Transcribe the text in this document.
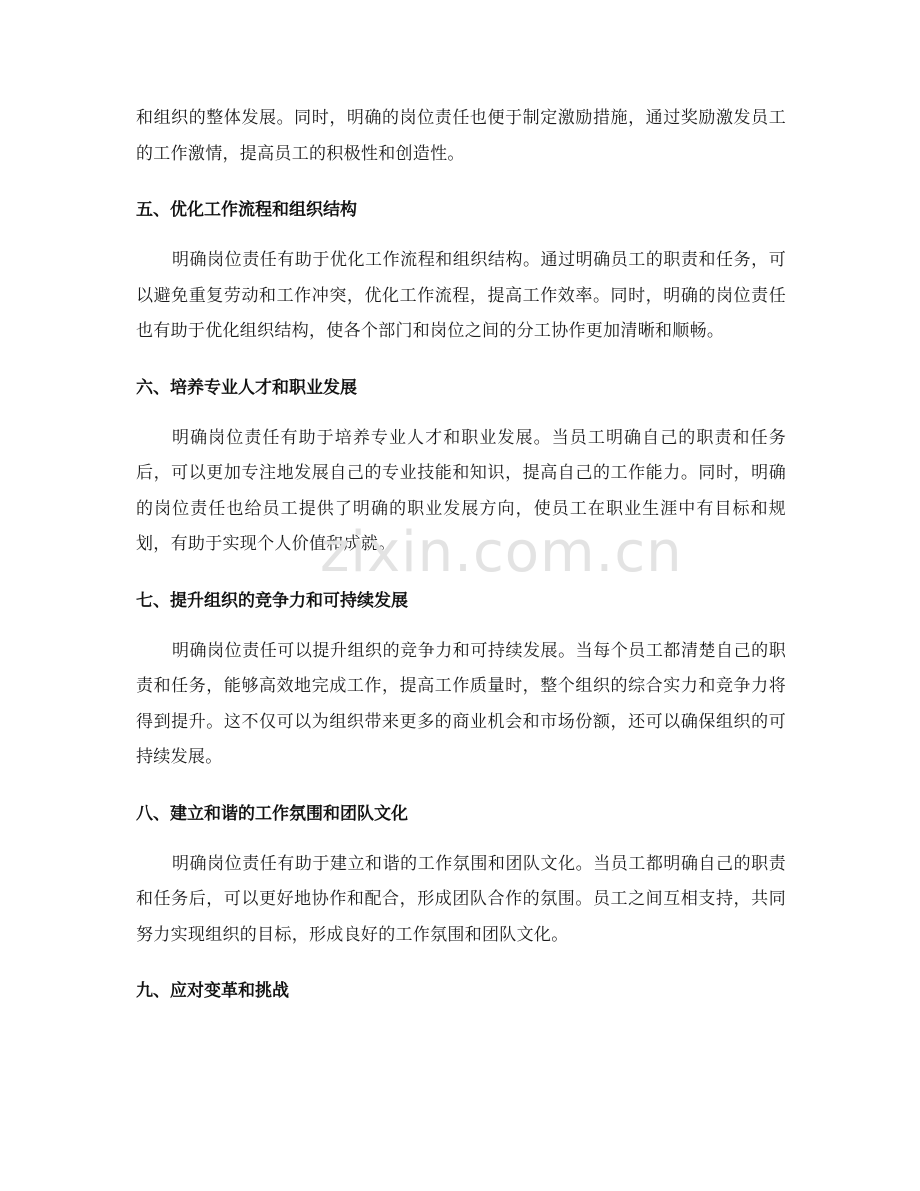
和组织的整体发展。同时，明确的岗位责任也便于制定激励措施，通过奖励激发员工的工作激情，提高员工的积极性和创造性。

五、优化工作流程和组织结构

明确岗位责任有助于优化工作流程和组织结构。通过明确员工的职责和任务，可以避免重复劳动和工作冲突，优化工作流程，提高工作效率。同时，明确的岗位责任也有助于优化组织结构，使各个部门和岗位之间的分工协作更加清晰和顺畅。

六、培养专业人才和职业发展

明确岗位责任有助于培养专业人才和职业发展。当员工明确自己的职责和任务后，可以更加专注地发展自己的专业技能和知识，提高自己的工作能力。同时，明确的岗位责任也给员工提供了明确的职业发展方向，使员工在职业生涯中有目标和规划，有助于实现个人价值和成就。

七、提升组织的竞争力和可持续发展

明确岗位责任可以提升组织的竞争力和可持续发展。当每个员工都清楚自己的职责和任务，能够高效地完成工作，提高工作质量时，整个组织的综合实力和竞争力将得到提升。这不仅可以为组织带来更多的商业机会和市场份额，还可以确保组织的可持续发展。

八、建立和谐的工作氛围和团队文化

明确岗位责任有助于建立和谐的工作氛围和团队文化。当员工都明确自己的职责和任务后，可以更好地协作和配合，形成团队合作的氛围。员工之间互相支持，共同努力实现组织的目标，形成良好的工作氛围和团队文化。

九、应对变革和挑战
zixin.com.cn
